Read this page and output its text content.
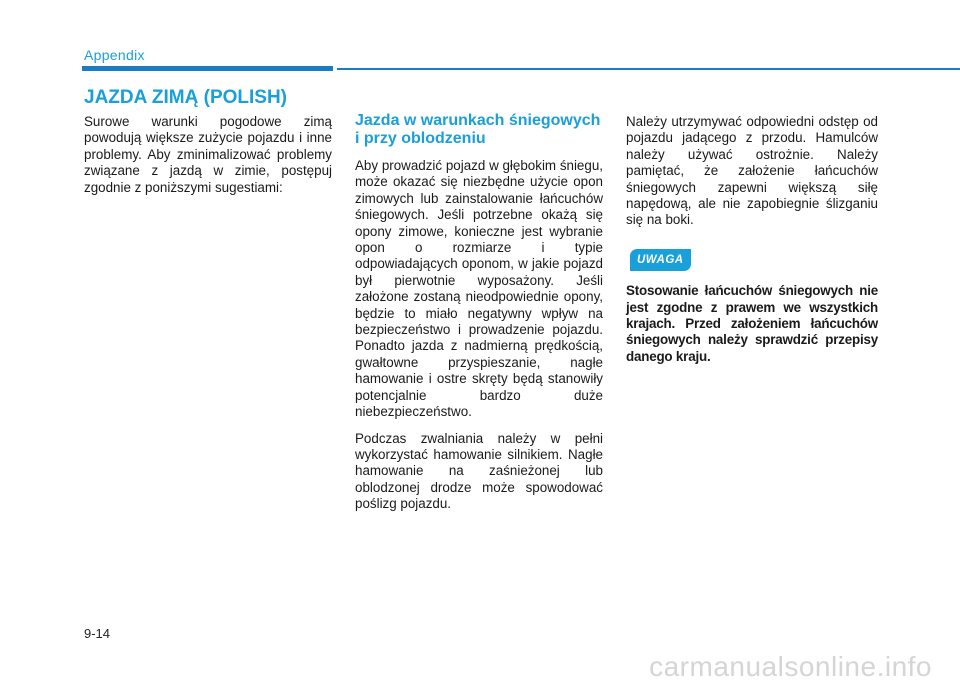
Appendix
JAZDA ZIMĄ (POLISH)

Surowe warunki pogodowe zimą powodują większe zużycie pojazdu i inne problemy. Aby zminimalizować problemy związane z jazdą w zimie, postępuj zgodnie z poniższymi sugestiami:

Jazda w warunkach śniegowych i przy oblodzeniu

Aby prowadzić pojazd w głębokim śniegu, może okazać się niezbędne użycie opon zimowych lub zainstalowanie łańcuchów śniegowych. Jeśli potrzebne okażą się opony zimowe, konieczne jest wybranie opon o rozmiarze i typie odpowiadających oponom, w jakie pojazd był pierwotnie wyposażony. Jeśli założone zostaną nieodpowiednie opony, będzie to miało negatywny wpływ na bezpieczeństwo i prowadzenie pojazdu. Ponadto jazda z nadmierną prędkością, gwałtowne przyspieszanie, nagłe hamowanie i ostre skręty będą stanowiły potencjalnie bardzo duże niebezpieczeństwo.

Podczas zwalniania należy w pełni wykorzystać hamowanie silnikiem. Nagłe hamowanie na zaśnieżonej lub oblodzonej drodze może spowodować poślizg pojazdu.

Należy utrzymywać odpowiedni odstęp od pojazdu jadącego z przodu. Hamulców należy używać ostrożnie. Należy pamiętać, że założenie łańcuchów śniegowych zapewni większą siłę napędową, ale nie zapobiegnie ślizganiu się na boki.

UWAGA

Stosowanie łańcuchów śniegowych nie jest zgodne z prawem we wszystkich krajach. Przed założeniem łańcuchów śniegowych należy sprawdzić przepisy danego kraju.

9-14
carmanualsonline.info
